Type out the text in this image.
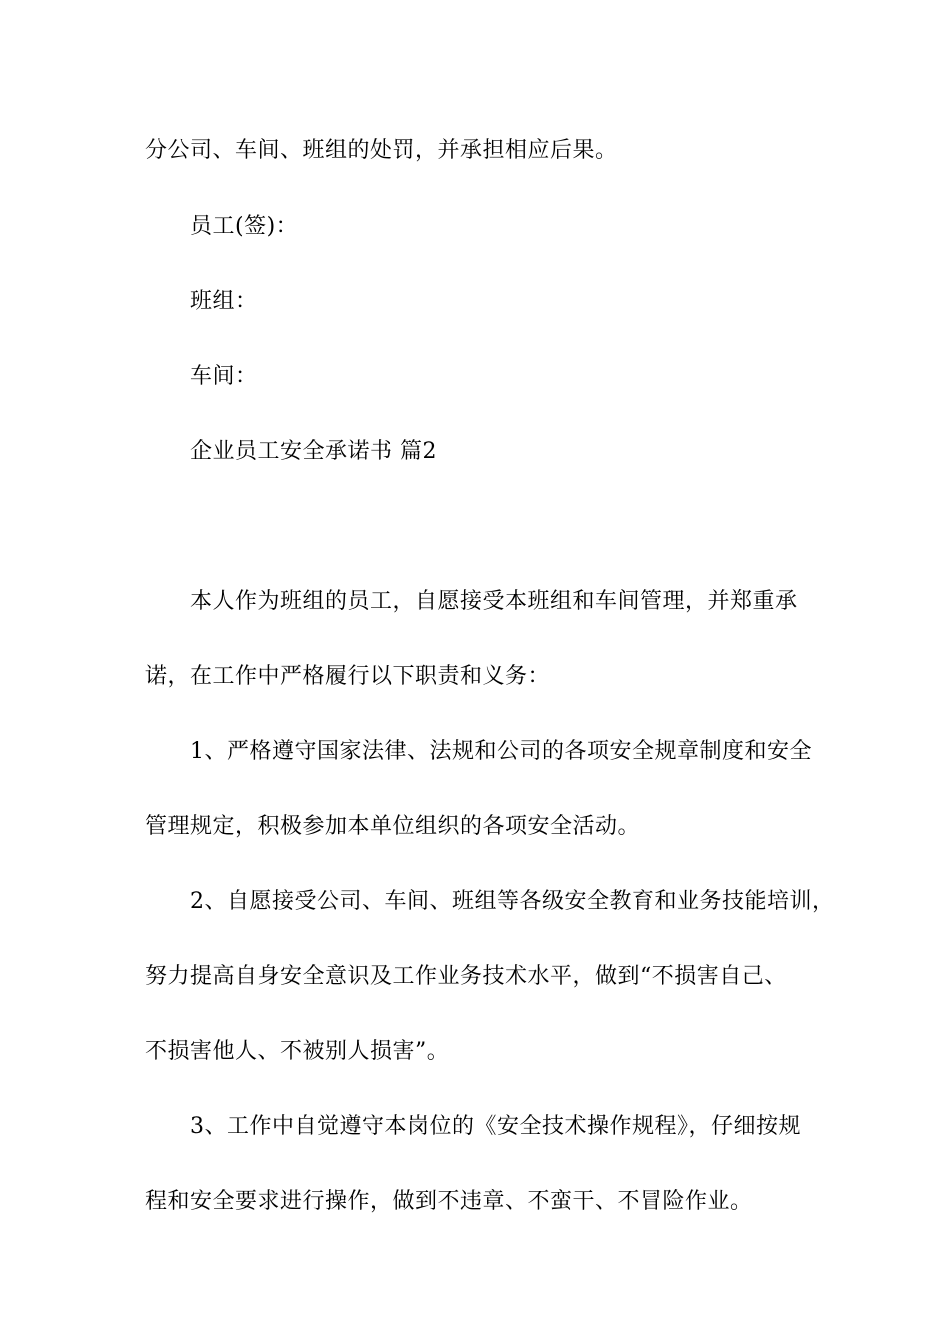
分公司、车间、班组的处罚，并承担相应后果。
员工(签)：
班组：
车间：
企业员工安全承诺书 篇2
本人作为班组的员工，自愿接受本班组和车间管理，并郑重承
诺，在工作中严格履行以下职责和义务：
1、严格遵守国家法律、法规和公司的各项安全规章制度和安全
管理规定，积极参加本单位组织的各项安全活动。
2、自愿接受公司、车间、班组等各级安全教育和业务技能培训，
努力提高自身安全意识及工作业务技术水平，做到“不损害自己、
不损害他人、不被别人损害”。
3、工作中自觉遵守本岗位的《安全技术操作规程》，仔细按规
程和安全要求进行操作，做到不违章、不蛮干、不冒险作业。
